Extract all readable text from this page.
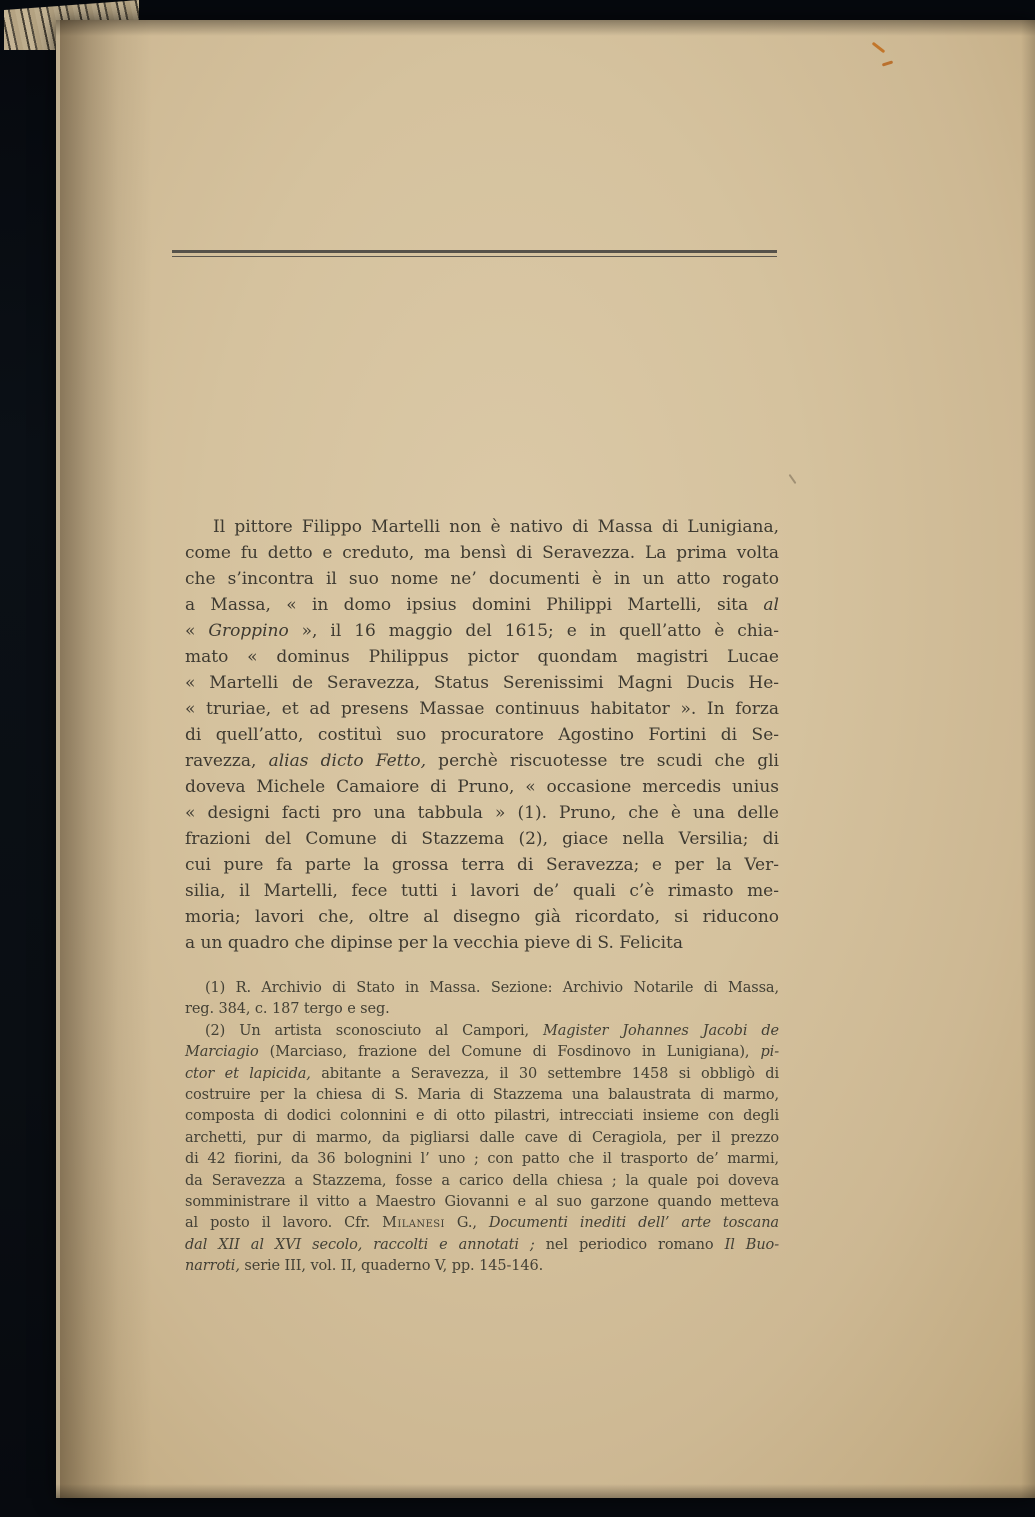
Il pittore Filippo Martelli non è nativo di Massa di Lunigiana,
come fu detto e creduto, ma bensì di Seravezza. La prima volta
che s’incontra il suo nome ne’ documenti è in un atto rogato
a Massa, « in domo ipsius domini Philippi Martelli, sita al
« Groppino », il 16 maggio del 1615; e in quell’atto è chia-
mato « dominus Philippus pictor quondam magistri Lucae
« Martelli de Seravezza, Status Serenissimi Magni Ducis He-
« truriae, et ad presens Massae continuus habitator ». In forza
di quell’atto, costituì suo procuratore Agostino Fortini di Se-
ravezza, alias dicto Fetto, perchè riscuotesse tre scudi che gli
doveva Michele Camaiore di Pruno, « occasione mercedis unius
« designi facti pro una tabbula » (1). Pruno, che è una delle
frazioni del Comune di Stazzema (2), giace nella Versilia; di
cui pure fa parte la grossa terra di Seravezza; e per la Ver-
silia, il Martelli, fece tutti i lavori de’ quali c’è rimasto me-
moria; lavori che, oltre al disegno già ricordato, si riducono
a un quadro che dipinse per la vecchia pieve di S. Felicita
(1) R. Archivio di Stato in Massa. Sezione: Archivio Notarile di Massa,
reg. 384, c. 187 tergo e seg.
(2) Un artista sconosciuto al Campori, Magister Johannes Jacobi de
Marciagio (Marciaso, frazione del Comune di Fosdinovo in Lunigiana), pi-
ctor et lapicida, abitante a Seravezza, il 30 settembre 1458 si obbligò di
costruire per la chiesa di S. Maria di Stazzema una balaustrata di marmo,
composta di dodici colonnini e di otto pilastri, intrecciati insieme con degli
archetti, pur di marmo, da pigliarsi dalle cave di Ceragiola, per il prezzo
di 42 fiorini, da 36 bolognini l’ uno ; con patto che il trasporto de’ marmi,
da Seravezza a Stazzema, fosse a carico della chiesa ; la quale poi doveva
somministrare il vitto a Maestro Giovanni e al suo garzone quando metteva
al posto il lavoro. Cfr. Milanesi G., Documenti inediti dell’ arte toscana
dal XII al XVI secolo, raccolti e annotati ; nel periodico romano Il Buo-
narroti, serie III, vol. II, quaderno V, pp. 145-146.
